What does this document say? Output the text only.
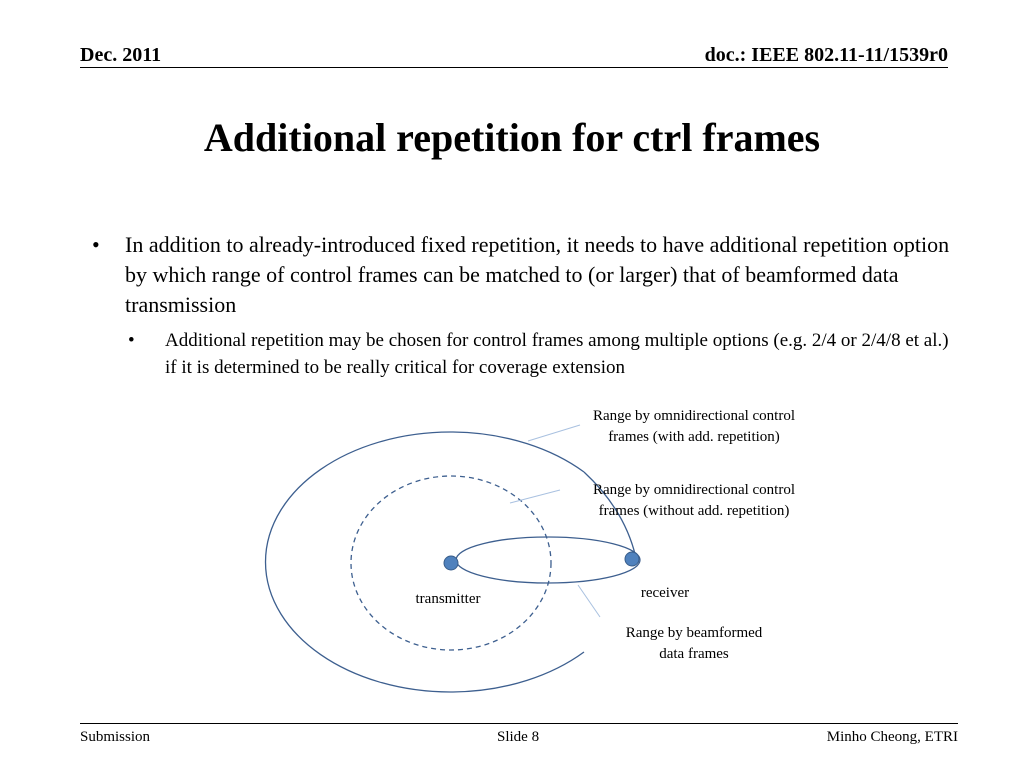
Dec. 2011	doc.: IEEE 802.11-11/1539r0
Additional repetition for ctrl frames
• In addition to already-introduced fixed repetition, it needs to have additional repetition option by which range of control frames can be matched to (or larger) that of beamformed data transmission
• Additional repetition may be chosen for control frames among multiple options (e.g. 2/4 or 2/4/8 et al.) if it is determined to be really critical for coverage extension
Range by omnidirectional control
frames (with add. repetition)
Range by omnidirectional control
frames (without add. repetition)
transmitter	receiver
Range by beamformed
data frames
Submission	Slide 8	Minho Cheong, ETRI
